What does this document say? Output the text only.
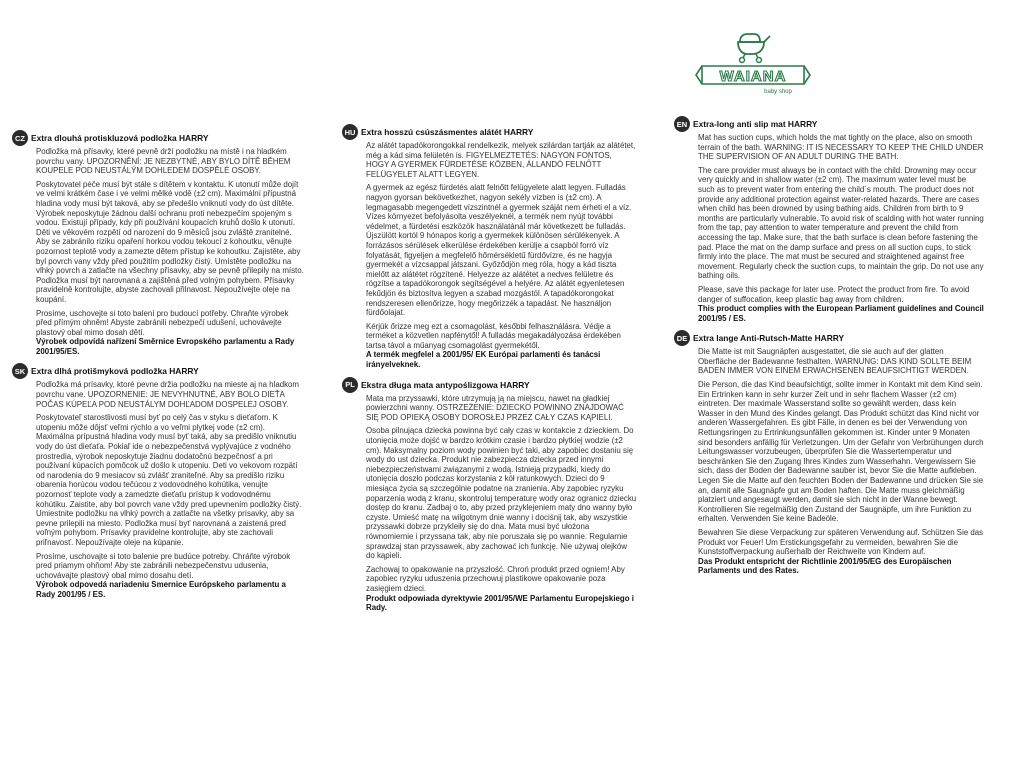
WAIANA
baby shop
CZ Extra dlouhá protiskluzová podložka HARRY

Podložka má přísavky, které pevně drží podložku na místě i na hladkém povrchu vany. UPOZORNĚNÍ: JE NEZBYTNÉ, ABY BYLO DÍTĚ BĚHEM KOUPELE POD NEUSTÁLÝM DOHLEDEM DOSPĚLÉ OSOBY.

Poskytovatel péče musí být stále s dítětem v kontaktu. K utonutí může dojít ve velmi krátkém čase i ve velmi mělké vodě (±2 cm). Maximální přípustná hladina vody musí být taková, aby se předešlo vniknutí vody do úst dítěte. Výrobek neposkytuje žádnou další ochranu proti nebezpečím spojeným s vodou. Existují případy, kdy při používání koupacích kruhů došlo k utonutí. Děti ve věkovém rozpětí od narození do 9 měsíců jsou zvláště zranitelné. Aby se zabránilo riziku opaření horkou vodou tekoucí z kohoutku, věnujte pozornost teplotě vody a zamezte dětem přístup ke kohoutku. Zajistěte, aby byl povrch vany vždy před použitím podložky čistý. Umístěte podložku na vlhký povrch a zatlačte na všechny přísavky, aby se pevně přilepily na místo. Podložka musí být narovnaná a zajištěná před volným pohybem. Přísavky pravidelně kontrolujte, abyste zachovali přilnavost. Nepoužívejte oleje na koupání.

Prosíme, uschovejte si toto balení pro budoucí potřeby. Chraňte výrobek před přímým ohněm! Abyste zabránili nebezpečí udušení, uchovávejte plastový obal mimo dosah dětí.
Výrobek odpovídá nařízení Směrnice Evropského parlamentu a Rady 2001/95/ES.

SK Extra dlhá protišmyková podložka HARRY

Podložka má prísavky, ktoré pevne držia podložku na mieste aj na hladkom povrchu vane. UPOZORNENIE: JE NEVYHNUTNÉ, ABY BOLO DIEŤA POČAS KÚPEĽA POD NEUSTÁLYM DOHĽADOM DOSPELEJ OSOBY.

Poskytovateľ starostlivosti musí byť po celý čas v styku s dieťaťom. K utopeniu môže dôjsť veľmi rýchlo a vo veľmi plytkej vode (±2 cm). Maximálna prípustná hladina vody musí byť taká, aby sa predišlo vniknutiu vody do úst dieťaťa. Pokiaľ ide o nebezpečenstvá vyplývajúce z vodného prostredia, výrobok neposkytuje žiadnu dodatočnú bezpečnosť a pri používaní kúpacích pomôcok už došlo k utopeniu. Deti vo vekovom rozpätí od narodenia do 9 mesiacov sú zvlášť zraniteľné. Aby sa predišlo riziku obarenia horúcou vodou tečúcou z vodovodného kohútika, venujte pozornosť teplote vody a zamedzte dieťaťu prístup k vodovodnému kohútiku. Zaistite, aby bol povrch vane vždy pred upevnením podložky čistý. Umiestnite podložku na vlhký povrch a zatlačte na všetky prísavky, aby sa pevne prilepili na miesto. Podložka musí byť narovnaná a zaistená pred voľným pohybom. Prísavky pravidelne kontrolujte, aby ste zachovali priľnavosť. Nepoužívajte oleje na kúpanie.

Prosíme, uschovajte si toto balenie pre budúce potreby. Chráňte výrobok pred priamym ohňom! Aby ste zabránili nebezpečenstvu udusenia, uchovávajte plastový obal mimo dosahu detí.
Výrobok odpovedá nariadeniu Smernice Európskeho parlamentu a Rady 2001/95 / ES.

HU Extra hosszú csúszásmentes alátét HARRY

Az alátét tapadókorongokkal rendelkezik, melyek szilárdan tartják az alátétet, még a kád sima felületén is. FIGYELMEZTETÉS: NAGYON FONTOS, HOGY A GYERMEK FÜRDETÉSE KÖZBEN, ÁLLANDÓ FELNŐTT FELÜGYELET ALATT LEGYEN.

A gyermek az egész fürdetés alatt felnőtt felügyelete alatt legyen. Fulladás nagyon gyorsan bekövetkezhet, nagyon sekély vízben is (±2 cm). A legmagasabb megengedett vízszintnél a gyermek száját nem érheti el a víz. Vízes környezet befolyásolta veszélyeknél, a termék nem nyújt további védelmet, a fürdetési eszközök használatánál már következett be fulladás. Újszülött kortól 9 hónapos korig a gyermekek különösen sérülékenyek. A forrázásos sérülések elkerülése érdekében kerülje a csapból forró víz folyatását, figyeljen a megfelelő hőmérsékletű fürdővízre, és ne hagyja gyermekét a vízcsappal játszani. Győződjön meg róla, hogy a kád tiszta mielőtt az alátétet rögzítené. Helyezze az alátétet a nedves felületre és rögzítse a tapadókorongok segítségével a helyére. Az alátét egyenletesen fekűdjön és biztosítva legyen a szabad mozgástól. A tapadókorongokat rendszeresen ellenőrizze, hogy megőrizzék a tapadást. Ne használjon fürdőolajat.

Kérjük őrizze meg ezt a csomagolást, későbbi felhasználásra. Védje a terméket a közvetlen napfénytől! A fulladás megakadályozása érdekében tartsa távol a műanyag csomagolást gyermekétől.
A termék megfelel a 2001/95/ EK Európai parlamenti és tanácsi irányelveknek.

PL Ekstra długa mata antypoślizgowa HARRY

Mata ma przyssawki, które utrzymują ją na miejscu, nawet na gładkiej powierzchni wanny. OSTRZEŻENIE: DZIECKO POWINNO ZNAJDOWAĆ SIĘ POD OPIEKĄ OSOBY DOROSŁEJ PRZEZ CAŁY CZAS KĄPIELI.

Osoba pilnująca dziecka powinna być cały czas w kontakcie z dzieckiem. Do utonięcia może dojść w bardzo krótkim czasie i bardzo płytkiej wodzie (±2 cm). Maksymalny poziom wody powinien być taki, aby zapobiec dostaniu się wody do ust dziecka. Produkt nie zabezpiecza dziecka przed innymi niebezpieczeństwami związanymi z wodą. Istnieją przypadki, kiedy do utonięcia doszło podczas korzystania z kół ratunkowych. Dzieci do 9 miesiąca życia są szczególnie podatne na zranienia. Aby zapobiec ryzyku poparzenia wodą z kranu, skontroluj temperaturę wody oraz ogranicz dziecku dostęp do kranu. Zadbaj o to, aby przed przyklejeniem maty dno wanny było czyste. Umieść matę na wilgotnym dnie wanny i dociśnij tak, aby wszystkie przyssawki dobrze przykleiły się do dna. Mata musi być ułożona równomiernie i przyssana tak, aby nie poruszała się po wannie. Regularnie sprawdzaj stan przyssawek, aby zachować ich funkcję. Nie używaj olejków do kąpieli.

Zachowaj to opakowanie na przyszłość. Chroń produkt przed ogniem! Aby zapobiec ryzyku uduszenia przechowuj plastikowe opakowanie poza zasięgiem dzieci.
Produkt odpowiada dyrektywie 2001/95/WE Parlamentu Europejskiego i Rady.

EN Extra-long anti slip mat HARRY

Mat has suction cups, which holds the mat tightly on the place, also on smooth terrain of the bath. WARNING: IT IS NECESSARY TO KEEP THE CHILD UNDER THE SUPERVISION OF AN ADULT DURING THE BATH.

The care provider must always be in contact with the child. Drowning may occur very quickly and in shallow water (±2 cm). The maximum water level must be such as to prevent water from entering the child´s mouth. The product does not provide any additional protection against water-related hazards. There are cases when child has been drowned by using bathing aids. Children from birth to 9 months are particularly vulnerable. To avoid risk of scalding with hot water running from the tap, pay attention to water temperature and prevent the child from accessing the tap. Make sure, that the bath surface is clean before fastening the pad. Place the mat on the damp surface and press on all suction cups, to stick firmly into the place. The mat must be secured and straightened against free movement. Regularly check the suction cups, to maintain the grip. Do not use any bathing oils.

Please, save this package for later use. Protect the product from fire. To avoid danger of suffocation, keep plastic bag away from children.
This product complies with the European Parliament guidelines and Council 2001/95 / ES.

DE Extra lange Anti-Rutsch-Matte HARRY

Die Matte ist mit Saugnäpfen ausgestattet, die sie auch auf der glatten Oberfläche der Badewanne festhalten. WARNUNG: DAS KIND SOLLTE BEIM BADEN IMMER VON EINEM ERWACHSENEN BEAUFSICHTIGT WERDEN.

Die Person, die das Kind beaufsichtigt, sollte immer in Kontakt mit dem Kind sein. Ein Ertrinken kann in sehr kurzer Zeit und in sehr flachem Wasser (±2 cm) eintreten. Der maximale Wasserstand sollte so gewählt werden, dass kein Wasser in den Mund des Kindes gelangt. Das Produkt schützt das Kind nicht vor anderen Wassergefahren. Es gibt Fälle, in denen es bei der Verwendung von Rettungsringen zu Ertrinkungsunfällen gekommen ist. Kinder unter 9 Monaten sind besonders anfällig für Verletzungen. Um der Gefahr von Verbrühungen durch Leitungswasser vorzubeugen, überprüfen Sie die Wassertemperatur und beschränken Sie den Zugang Ihres Kindes zum Wasserhahn. Vergewissern Sie sich, dass der Boden der Badewanne sauber ist, bevor Sie die Matte aufkleben. Legen Sie die Matte auf den feuchten Boden der Badewanne und drücken Sie sie an, damit alle Saugnäpfe gut am Boden haften. Die Matte muss gleichmäßig platziert und angesaugt werden, damit sie sich nicht in der Wanne bewegt. Kontrollieren Sie regelmäßig den Zustand der Saugnäpfe, um ihre Funktion zu erhalten. Verwenden Sie keine Badeöle.

Bewahren Sie diese Verpackung zur späteren Verwendung auf. Schützen Sie das Produkt vor Feuer! Um Erstickungsgefahr zu vermeiden, bewahren Sie die Kunststoffverpackung außerhalb der Reichweite von Kindern auf.
Das Produkt entspricht der Richtlinie 2001/95/EG des Europäischen Parlaments und des Rates.
